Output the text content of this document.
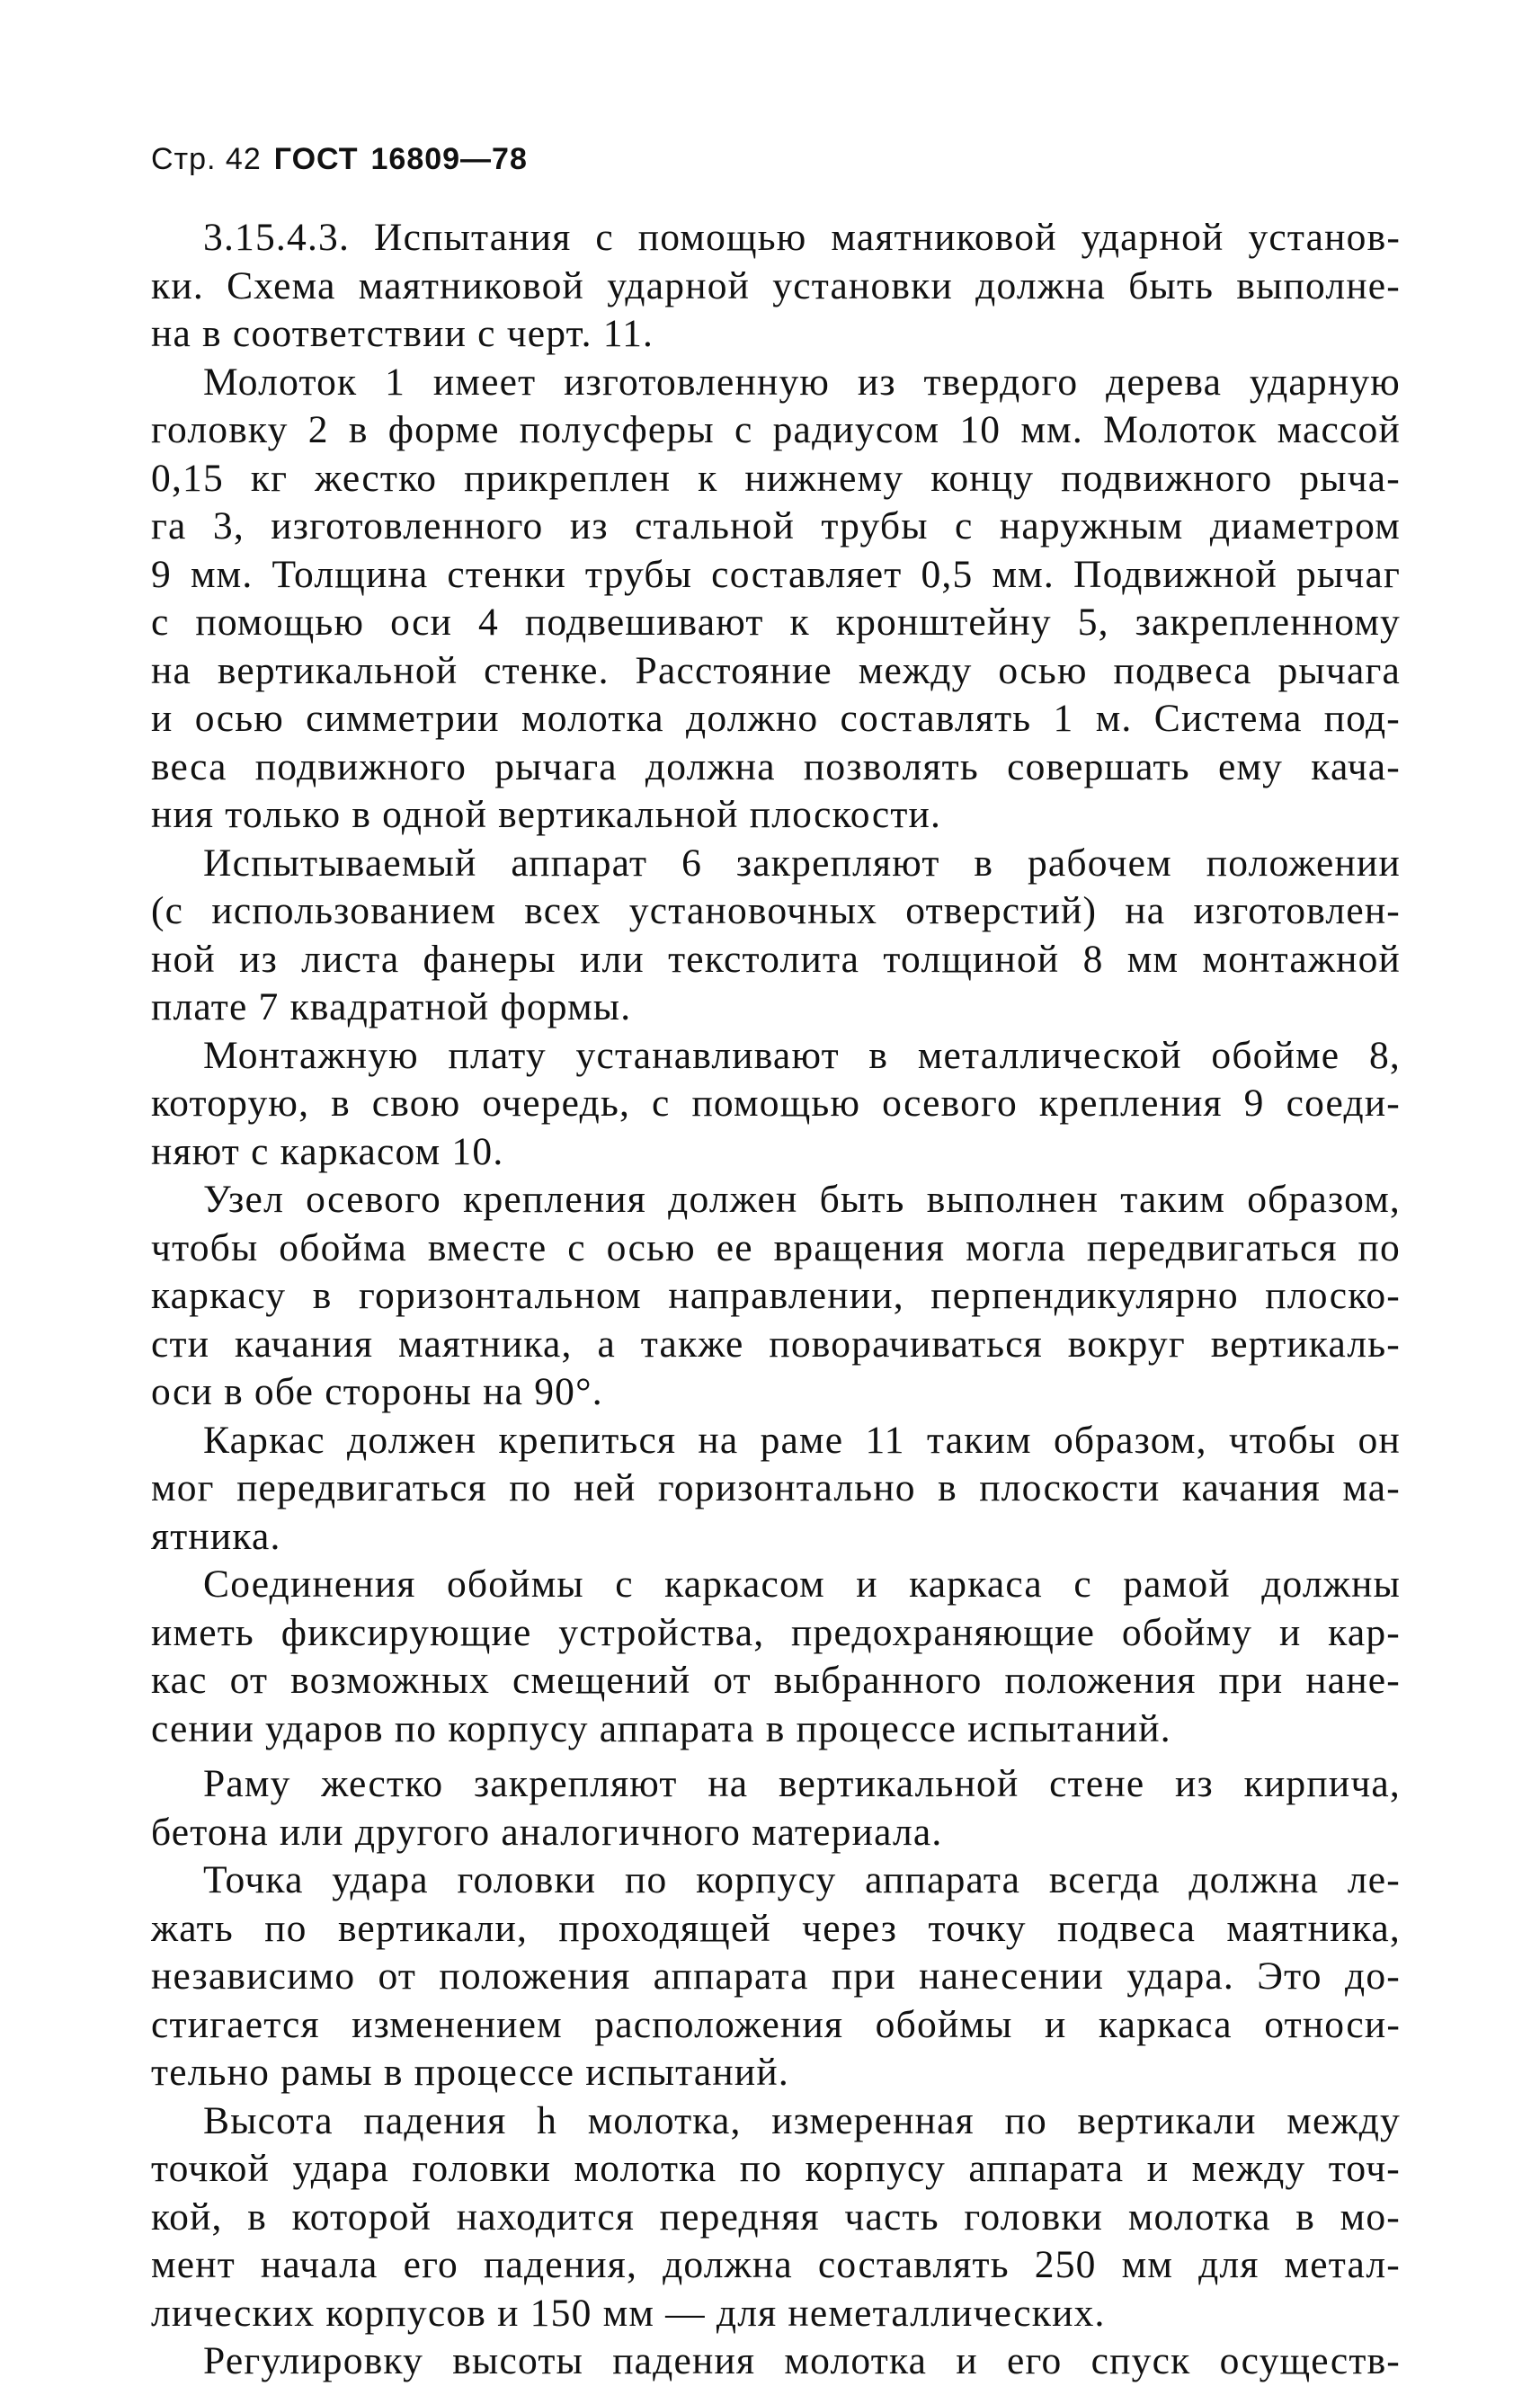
Стр. 42 ГОСТ 16809—78
3.15.4.3. Испытания с помощью маятниковой ударной установ-
ки. Схема маятниковой ударной установки должна быть выполне-
на в соответствии с черт. 11.
Молоток 1 имеет изготовленную из твердого дерева ударную
головку 2 в форме полусферы с радиусом 10 мм. Молоток массой
0,15 кг жестко прикреплен к нижнему концу подвижного рыча-
га 3, изготовленного из стальной трубы с наружным диаметром
9 мм. Толщина стенки трубы составляет 0,5 мм. Подвижной рычаг
с помощью оси 4 подвешивают к кронштейну 5, закрепленному
на вертикальной стенке. Расстояние между осью подвеса рычага
и осью симметрии молотка должно составлять 1 м. Система под-
веса подвижного рычага должна позволять совершать ему кача-
ния только в одной вертикальной плоскости.
Испытываемый аппарат 6 закрепляют в рабочем положении
(с использованием всех установочных отверстий) на изготовлен-
ной из листа фанеры или текстолита толщиной 8 мм монтажной
плате 7 квадратной формы.
Монтажную плату устанавливают в металлической обойме 8,
которую, в свою очередь, с помощью осевого крепления 9 соеди-
няют с каркасом 10.
Узел осевого крепления должен быть выполнен таким образом,
чтобы обойма вместе с осью ее вращения могла передвигаться по
каркасу в горизонтальном направлении, перпендикулярно плоско-
сти качания маятника, а также поворачиваться вокруг вертикаль-
оси в обе стороны на 90°.
Каркас должен крепиться на раме 11 таким образом, чтобы он
мог передвигаться по ней горизонтально в плоскости качания ма-
ятника.
Соединения обоймы с каркасом и каркаса с рамой должны
иметь фиксирующие устройства, предохраняющие обойму и кар-
кас от возможных смещений от выбранного положения при нане-
сении ударов по корпусу аппарата в процессе испытаний.
Раму жестко закрепляют на вертикальной стене из кирпича,
бетона или другого аналогичного материала.
Точка удара головки по корпусу аппарата всегда должна ле-
жать по вертикали, проходящей через точку подвеса маятника,
независимо от положения аппарата при нанесении удара. Это до-
стигается изменением расположения обоймы и каркаса относи-
тельно рамы в процессе испытаний.
Высота падения h молотка, измеренная по вертикали между
точкой удара головки молотка по корпусу аппарата и между точ-
кой, в которой находится передняя часть головки молотка в мо-
мент начала его падения, должна составлять 250 мм для метал-
лических корпусов и 150 мм — для неметаллических.
Регулировку высоты падения молотка и его спуск осуществ-
